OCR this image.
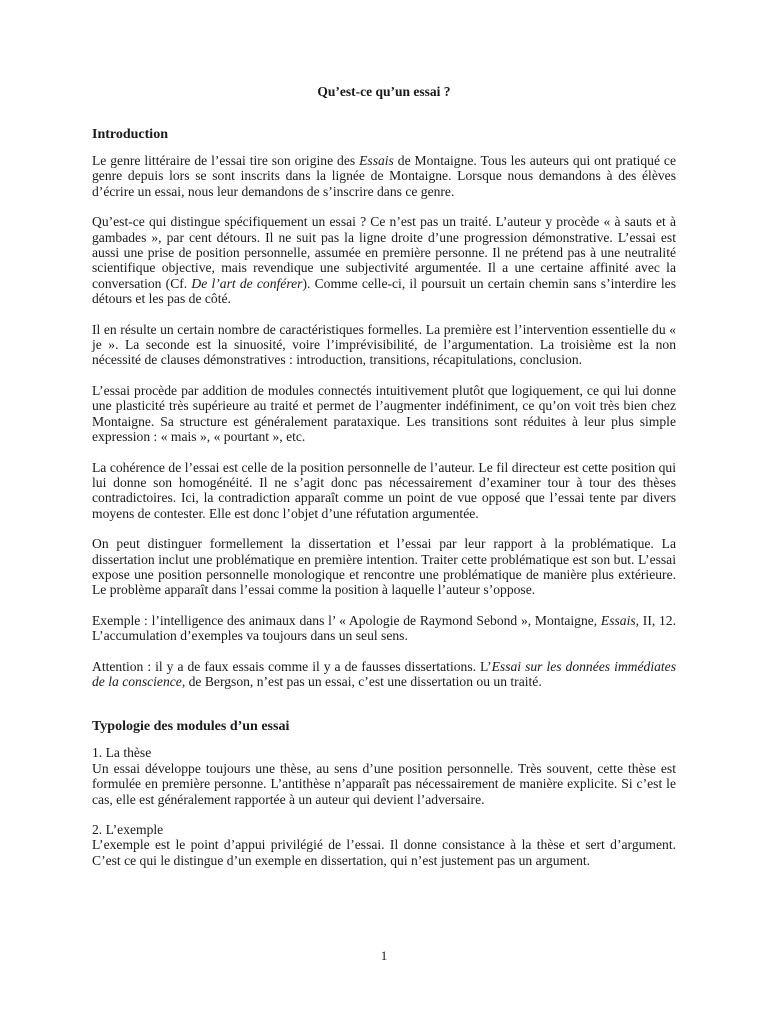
Qu’est-ce qu’un essai ?
Introduction

Le genre littéraire de l’essai tire son origine des Essais de Montaigne. Tous les auteurs qui ont pratiqué ce genre depuis lors se sont inscrits dans la lignée de Montaigne. Lorsque nous demandons à des élèves d’écrire un essai, nous leur demandons de s’inscrire dans ce genre.

Qu’est-ce qui distingue spécifiquement un essai ? Ce n’est pas un traité. L’auteur y procède « à sauts et à gambades », par cent détours. Il ne suit pas la ligne droite d’une progression démonstrative. L’essai est aussi une prise de position personnelle, assumée en première personne. Il ne prétend pas à une neutralité scientifique objective, mais revendique une subjectivité argumentée. Il a une certaine affinité avec la conversation (Cf. De l’art de conférer). Comme celle-ci, il poursuit un certain chemin sans s’interdire les détours et les pas de côté.

Il en résulte un certain nombre de caractéristiques formelles. La première est l’intervention essentielle du « je ». La seconde est la sinuosité, voire l’imprévisibilité, de l’argumentation. La troisième est la non nécessité de clauses démonstratives : introduction, transitions, récapitulations, conclusion.

L’essai procède par addition de modules connectés intuitivement plutôt que logiquement, ce qui lui donne une plasticité très supérieure au traité et permet de l’augmenter indéfiniment, ce qu’on voit très bien chez Montaigne. Sa structure est généralement parataxique. Les transitions sont réduites à leur plus simple expression : « mais », « pourtant », etc.

La cohérence de l’essai est celle de la position personnelle de l’auteur. Le fil directeur est cette position qui lui donne son homogénéité. Il ne s’agit donc pas nécessairement d’examiner tour à tour des thèses contradictoires. Ici, la contradiction apparaît comme un point de vue opposé que l’essai tente par divers moyens de contester. Elle est donc l’objet d’une réfutation argumentée.

On peut distinguer formellement la dissertation et l’essai par leur rapport à la problématique. La dissertation inclut une problématique en première intention. Traiter cette problématique est son but. L’essai expose une position personnelle monologique et rencontre une problématique de manière plus extérieure. Le problème apparaît dans l’essai comme la position à laquelle l’auteur s’oppose.

Exemple : l’intelligence des animaux dans l’ « Apologie de Raymond Sebond », Montaigne, Essais, II, 12. L’accumulation d’exemples va toujours dans un seul sens.

Attention : il y a de faux essais comme il y a de fausses dissertations. L’Essai sur les données immédiates de la conscience, de Bergson, n’est pas un essai, c’est une dissertation ou un traité.

Typologie des modules d’un essai
1. La thèse

Un essai développe toujours une thèse, au sens d’une position personnelle. Très souvent, cette thèse est formulée en première personne. L’antithèse n’apparaît pas nécessairement de manière explicite. Si c’est le cas, elle est généralement rapportée à un auteur qui devient l’adversaire.

2. L’exemple

L’exemple est le point d’appui privilégié de l’essai. Il donne consistance à la thèse et sert d’argument. C’est ce qui le distingue d’un exemple en dissertation, qui n’est justement pas un argument.

1
